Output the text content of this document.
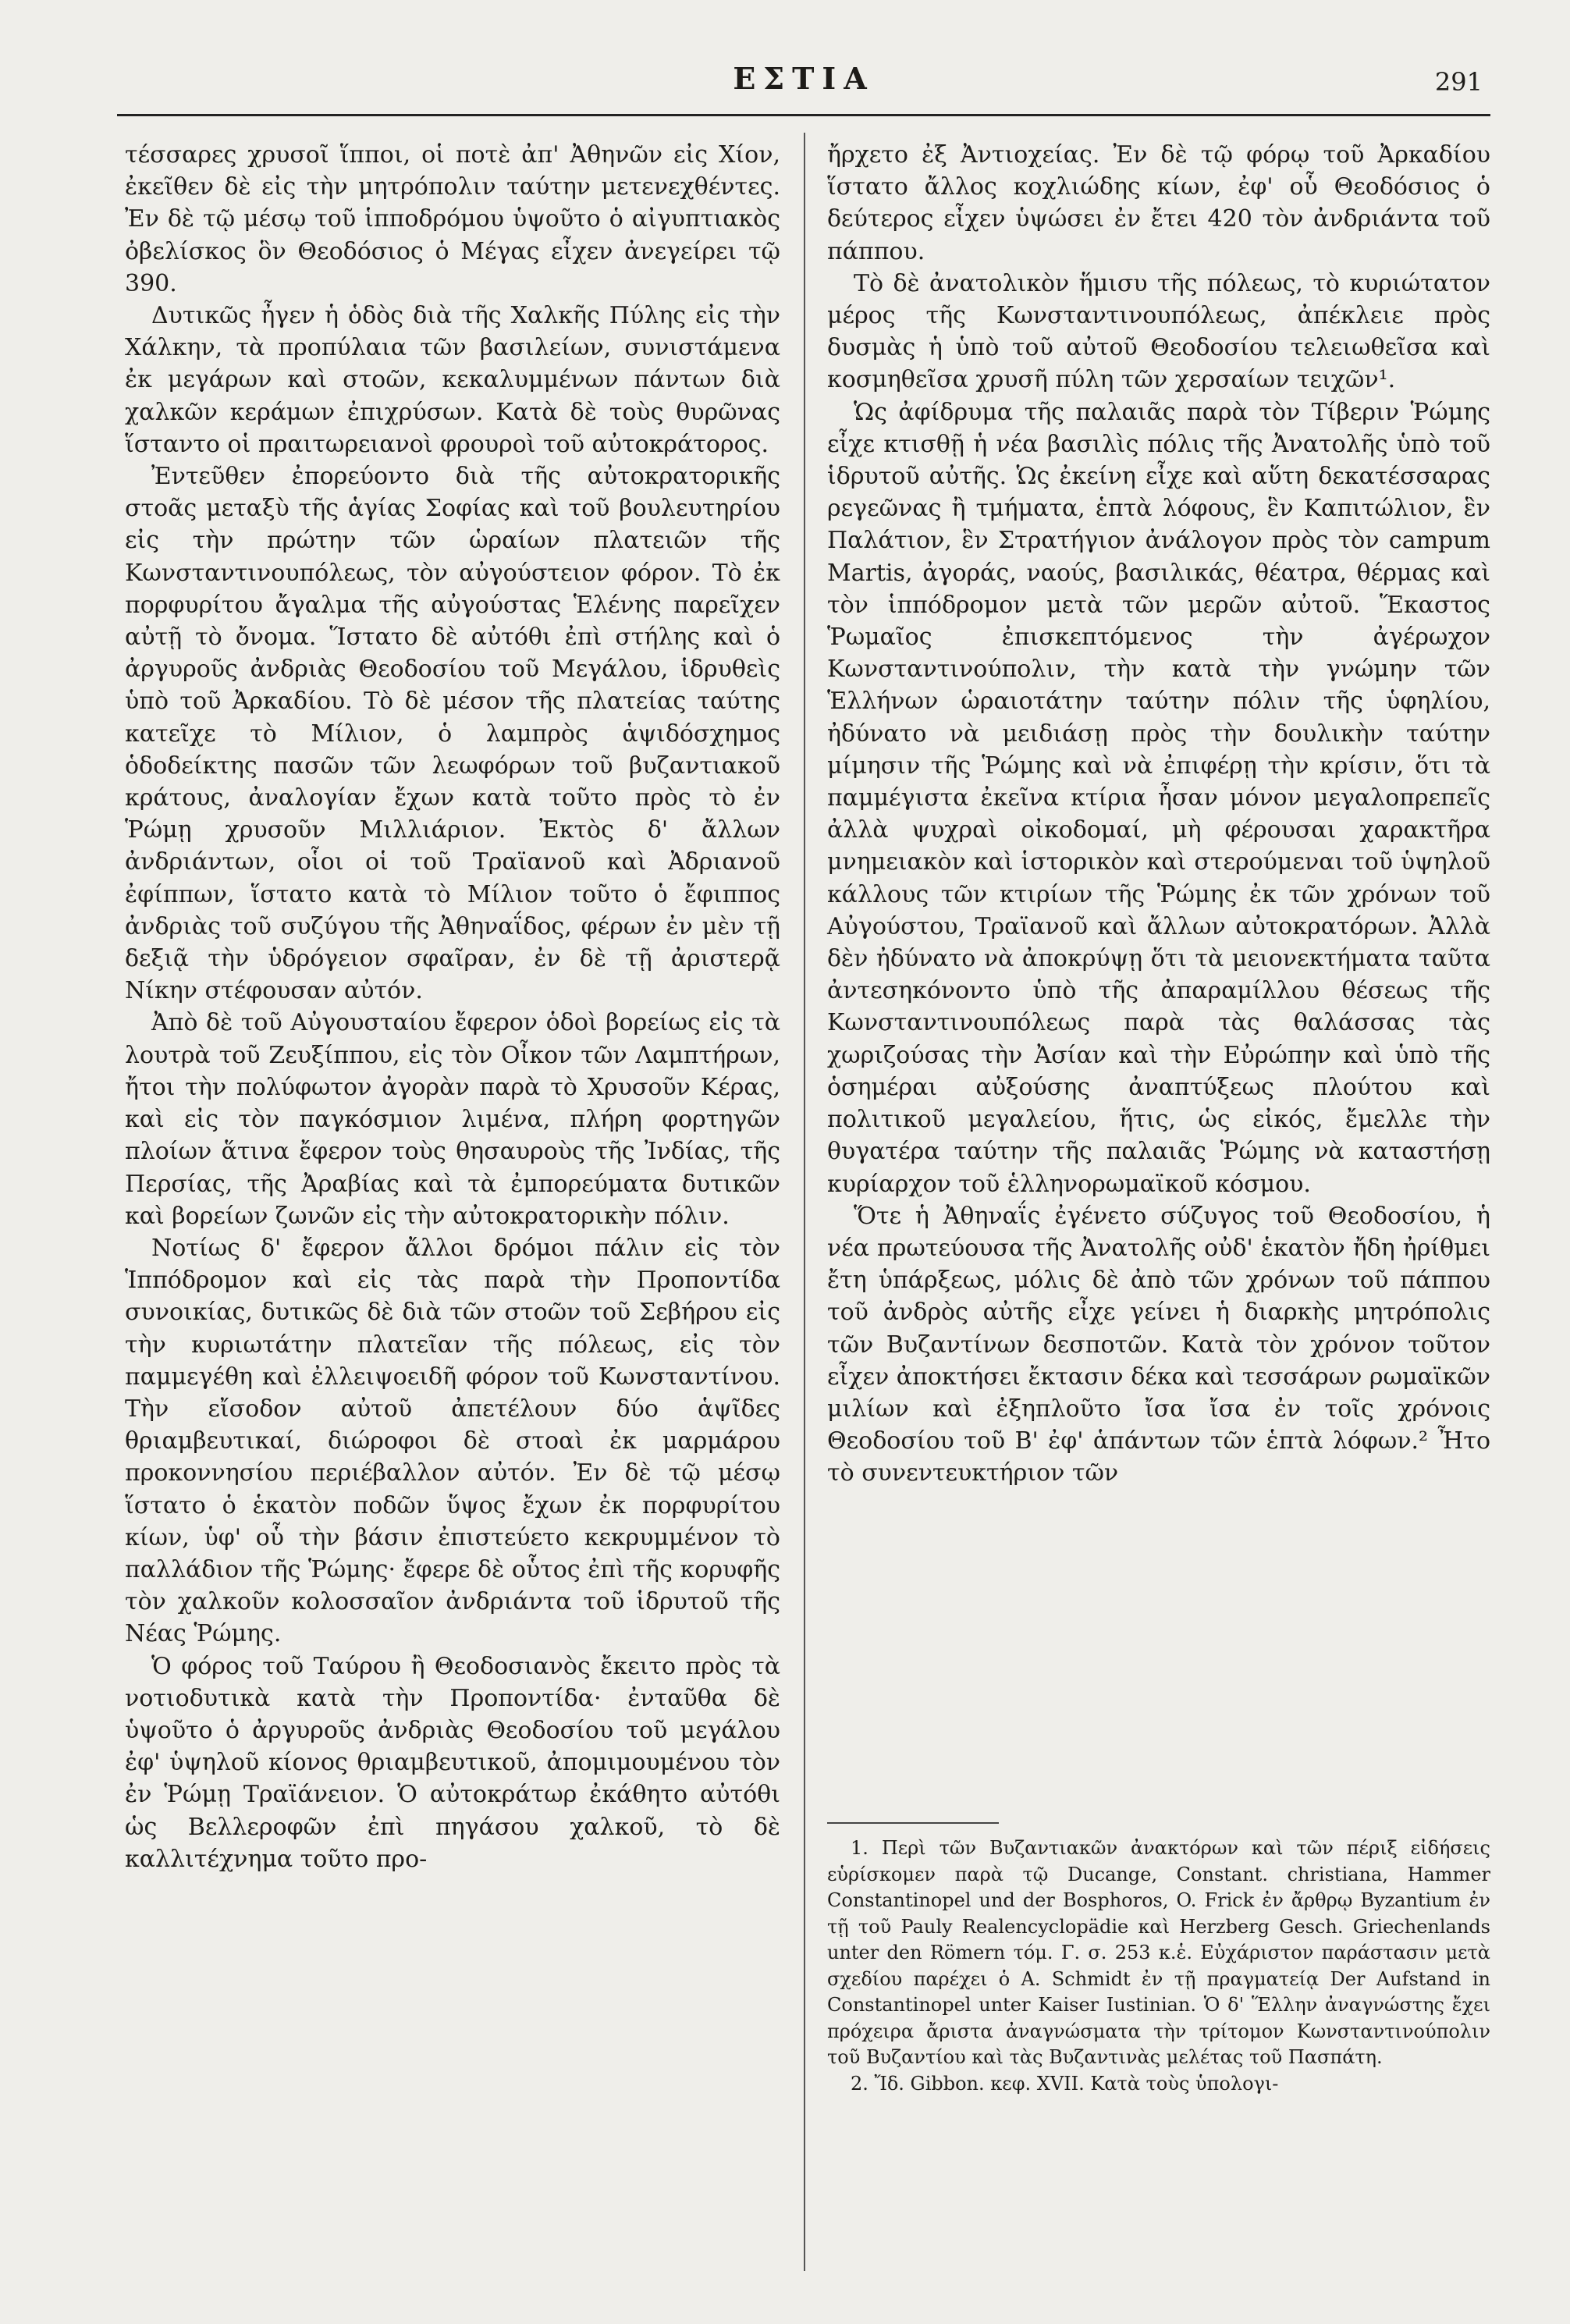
ΕΣΤΙΑ	291

τέσσαρες χρυσοῖ ἵπποι, οἱ ποτὲ ἀπ' Ἀθηνῶν εἰς Χίον, ἐκεῖθεν δὲ εἰς τὴν μητρόπολιν ταύτην μετενεχθέντες. Ἐν δὲ τῷ μέσῳ τοῦ ἱπποδρόμου ὑψοῦτο ὁ αἰγυπτιακὸς ὀβελίσκος ὃν Θεοδόσιος ὁ Μέγας εἶχεν ἀνεγείρει τῷ 390.

Δυτικῶς ἦγεν ἡ ὁδὸς διὰ τῆς Χαλκῆς Πύλης εἰς τὴν Χάλκην, τὰ προπύλαια τῶν βασιλείων, συνιστάμενα ἐκ μεγάρων καὶ στοῶν, κεκαλυμμένων πάντων διὰ χαλκῶν κεράμων ἐπιχρύσων. Κατὰ δὲ τοὺς θυρῶνας ἵσταντο οἱ πραιτωρειανοὶ φρουροὶ τοῦ αὐτοκράτορος.

Ἐντεῦθεν ἐπορεύοντο διὰ τῆς αὐτοκρατορικῆς στοᾶς μεταξὺ τῆς ἁγίας Σοφίας καὶ τοῦ βουλευτηρίου εἰς τὴν πρώτην τῶν ὡραίων πλατειῶν τῆς Κωνσταντινουπόλεως, τὸν αὐγούστειον φόρον. Τὸ ἐκ πορφυρίτου ἄγαλμα τῆς αὐγούστας Ἑλένης παρεῖχεν αὐτῇ τὸ ὄνομα. Ἵστατο δὲ αὐτόθι ἐπὶ στήλης καὶ ὁ ἀργυροῦς ἀνδριὰς Θεοδοσίου τοῦ Μεγάλου, ἱδρυθεὶς ὑπὸ τοῦ Ἀρκαδίου. Τὸ δὲ μέσον τῆς πλατείας ταύτης κατεῖχε τὸ Μίλιον, ὁ λαμπρὸς ἁψιδόσχημος ὁδοδείκτης πασῶν τῶν λεωφόρων τοῦ βυζαντιακοῦ κράτους, ἀναλογίαν ἔχων κατὰ τοῦτο πρὸς τὸ ἐν Ῥώμῃ χρυσοῦν Μιλλιάριον. Ἐκτὸς δ' ἄλλων ἀνδριάντων, οἷοι οἱ τοῦ Τραϊανοῦ καὶ Ἀδριανοῦ ἐφίππων, ἵστατο κατὰ τὸ Μίλιον τοῦτο ὁ ἔφιππος ἀνδριὰς τοῦ συζύγου τῆς Ἀθηναΐδος, φέρων ἐν μὲν τῇ δεξιᾷ τὴν ὑδρόγειον σφαῖραν, ἐν δὲ τῇ ἀριστερᾷ Νίκην στέφουσαν αὐτόν.

Ἀπὸ δὲ τοῦ Αὐγουσταίου ἔφερον ὁδοὶ βορείως εἰς τὰ λουτρὰ τοῦ Ζευξίππου, εἰς τὸν Οἶκον τῶν Λαμπτήρων, ἤτοι τὴν πολύφωτον ἀγορὰν παρὰ τὸ Χρυσοῦν Κέρας, καὶ εἰς τὸν παγκόσμιον λιμένα, πλήρη φορτηγῶν πλοίων ἅτινα ἔφερον τοὺς θησαυροὺς τῆς Ἰνδίας, τῆς Περσίας, τῆς Ἀραβίας καὶ τὰ ἐμπορεύματα δυτικῶν καὶ βορείων ζωνῶν εἰς τὴν αὐτοκρατορικὴν πόλιν.

Νοτίως δ' ἔφερον ἄλλοι δρόμοι πάλιν εἰς τὸν Ἱππόδρομον καὶ εἰς τὰς παρὰ τὴν Προποντίδα συνοικίας, δυτικῶς δὲ διὰ τῶν στοῶν τοῦ Σεβήρου εἰς τὴν κυριωτάτην πλατεῖαν τῆς πόλεως, εἰς τὸν παμμεγέθη καὶ ἐλλειψοειδῆ φόρον τοῦ Κωνσταντίνου. Τὴν εἴσοδον αὐτοῦ ἀπετέλουν δύο ἁψῖδες θριαμβευτικαί, διώροφοι δὲ στοαὶ ἐκ μαρμάρου προκοννησίου περιέβαλλον αὐτόν. Ἐν δὲ τῷ μέσῳ ἵστατο ὁ ἑκατὸν ποδῶν ὕψος ἔχων ἐκ πορφυρίτου κίων, ὑφ' οὗ τὴν βάσιν ἐπιστεύετο κεκρυμμένον τὸ παλλάδιον τῆς Ῥώμης· ἔφερε δὲ οὗτος ἐπὶ τῆς κορυφῆς τὸν χαλκοῦν κολοσσαῖον ἀνδριάντα τοῦ ἱδρυτοῦ τῆς Νέας Ῥώμης.

Ὁ φόρος τοῦ Ταύρου ἢ Θεοδοσιανὸς ἔκειτο πρὸς τὰ νοτιοδυτικὰ κατὰ τὴν Προποντίδα· ἐνταῦθα δὲ ὑψοῦτο ὁ ἀργυροῦς ἀνδριὰς Θεοδοσίου τοῦ μεγάλου ἐφ' ὑψηλοῦ κίονος θριαμβευτικοῦ, ἀπομιμουμένου τὸν ἐν Ῥώμῃ Τραϊάνειον. Ὁ αὐτοκράτωρ ἐκάθητο αὐτόθι ὡς Βελλεροφῶν ἐπὶ πηγάσου χαλκοῦ, τὸ δὲ καλλιτέχνημα τοῦτο προ-

ἤρχετο ἐξ Ἀντιοχείας. Ἐν δὲ τῷ φόρῳ τοῦ Ἀρκαδίου ἵστατο ἄλλος κοχλιώδης κίων, ἐφ' οὗ Θεοδόσιος ὁ δεύτερος εἶχεν ὑψώσει ἐν ἔτει 420 τὸν ἀνδριάντα τοῦ πάππου.

Τὸ δὲ ἀνατολικὸν ἥμισυ τῆς πόλεως, τὸ κυριώτατον μέρος τῆς Κωνσταντινουπόλεως, ἀπέκλειε πρὸς δυσμὰς ἡ ὑπὸ τοῦ αὐτοῦ Θεοδοσίου τελειωθεῖσα καὶ κοσμηθεῖσα χρυσῆ πύλη τῶν χερσαίων τειχῶν¹.

Ὡς ἀφίδρυμα τῆς παλαιᾶς παρὰ τὸν Τίβεριν Ῥώμης εἶχε κτισθῇ ἡ νέα βασιλὶς πόλις τῆς Ἀνατολῆς ὑπὸ τοῦ ἱδρυτοῦ αὐτῆς. Ὡς ἐκείνη εἶχε καὶ αὕτη δεκατέσσαρας ρεγεῶνας ἢ τμήματα, ἑπτὰ λόφους, ἓν Καπιτώλιον, ἓν Παλάτιον, ἓν Στρατήγιον ἀνάλογον πρὸς τὸν campum Martis, ἀγοράς, ναούς, βασιλικάς, θέατρα, θέρμας καὶ τὸν ἱππόδρομον μετὰ τῶν μερῶν αὐτοῦ. Ἕκαστος Ῥωμαῖος ἐπισκεπτόμενος τὴν ἀγέρωχον Κωνσταντινούπολιν, τὴν κατὰ τὴν γνώμην τῶν Ἑλλήνων ὡραιοτάτην ταύτην πόλιν τῆς ὑφηλίου, ἠδύνατο νὰ μειδιάσῃ πρὸς τὴν δουλικὴν ταύτην μίμησιν τῆς Ῥώμης καὶ νὰ ἐπιφέρῃ τὴν κρίσιν, ὅτι τὰ παμμέγιστα ἐκεῖνα κτίρια ἦσαν μόνον μεγαλοπρεπεῖς ἀλλὰ ψυχραὶ οἰκοδομαί, μὴ φέρουσαι χαρακτῆρα μνημειακὸν καὶ ἱστορικὸν καὶ στερούμεναι τοῦ ὑψηλοῦ κάλλους τῶν κτιρίων τῆς Ῥώμης ἐκ τῶν χρόνων τοῦ Αὐγούστου, Τραϊανοῦ καὶ ἄλλων αὐτοκρατόρων. Ἀλλὰ δὲν ἠδύνατο νὰ ἀποκρύψῃ ὅτι τὰ μειονεκτήματα ταῦτα ἀντεσηκόνοντο ὑπὸ τῆς ἀπαραμίλλου θέσεως τῆς Κωνσταντινουπόλεως παρὰ τὰς θαλάσσας τὰς χωριζούσας τὴν Ἀσίαν καὶ τὴν Εὐρώπην καὶ ὑπὸ τῆς ὁσημέραι αὐξούσης ἀναπτύξεως πλούτου καὶ πολιτικοῦ μεγαλείου, ἥτις, ὡς εἰκός, ἔμελλε τὴν θυγατέρα ταύτην τῆς παλαιᾶς Ῥώμης νὰ καταστήσῃ κυρίαρχον τοῦ ἑλληνορωμαϊκοῦ κόσμου.

Ὅτε ἡ Ἀθηναΐς ἐγένετο σύζυγος τοῦ Θεοδοσίου, ἡ νέα πρωτεύουσα τῆς Ἀνατολῆς οὐδ' ἑκατὸν ἤδη ἠρίθμει ἔτη ὑπάρξεως, μόλις δὲ ἀπὸ τῶν χρόνων τοῦ πάππου τοῦ ἀνδρὸς αὐτῆς εἶχε γείνει ἡ διαρκὴς μητρόπολις τῶν Βυζαντίνων δεσποτῶν. Κατὰ τὸν χρόνον τοῦτον εἶχεν ἀποκτήσει ἔκτασιν δέκα καὶ τεσσάρων ρωμαϊκῶν μιλίων καὶ ἐξηπλοῦτο ἴσα ἴσα ἐν τοῖς χρόνοις Θεοδοσίου τοῦ Β' ἐφ' ἁπάντων τῶν ἑπτὰ λόφων.² Ἦτο τὸ συνεντευκτήριον τῶν

1. Περὶ τῶν Βυζαντιακῶν ἀνακτόρων καὶ τῶν πέριξ εἰδήσεις εὑρίσκομεν παρὰ τῷ Ducange, Constant. christiana, Hammer Constantinopel und der Bosphoros, O. Frick ἐν ἄρθρῳ Byzantium ἐν τῇ τοῦ Pauly Realencyclopädie καὶ Herzberg Gesch. Griechenlands unter den Römern τόμ. Γ. σ. 253 κ.ἑ. Εὐχάριστον παράστασιν μετὰ σχεδίου παρέχει ὁ A. Schmidt ἐν τῇ πραγματείᾳ Der Aufstand in Constantinopel unter Kaiser Iustinian. Ὁ δ' Ἕλλην ἀναγνώστης ἔχει πρόχειρα ἄριστα ἀναγνώσματα τὴν τρίτομον Κωνσταντινούπολιν τοῦ Βυζαντίου καὶ τὰς Βυζαντινὰς μελέτας τοῦ Πασπάτη.

2. Ἴδ. Gibbon. κεφ. XVII. Κατὰ τοὺς ὑπολογι-
